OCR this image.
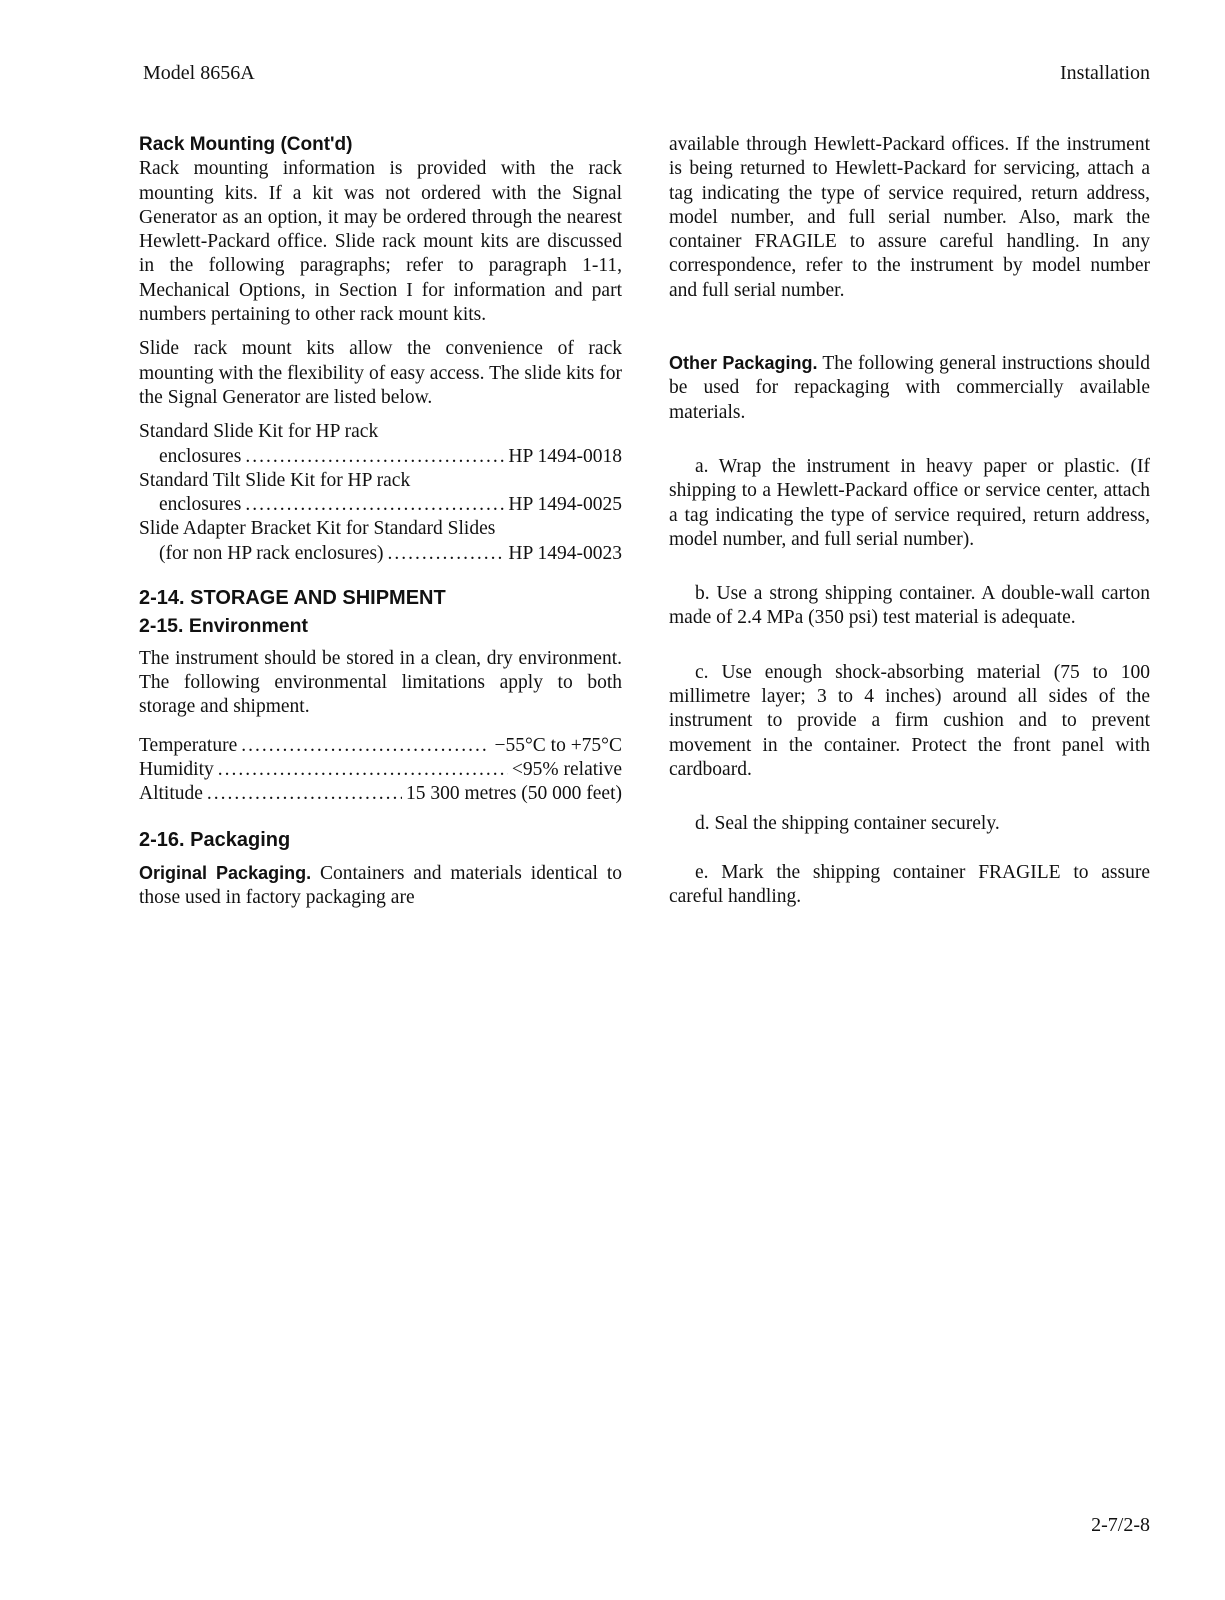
Model 8656A	Installation
Rack Mounting (Cont'd)

Rack mounting information is provided with the rack mounting kits. If a kit was not ordered with the Signal Generator as an option, it may be ordered through the nearest Hewlett-Packard office. Slide rack mount kits are discussed in the following paragraphs; refer to paragraph 1-11, Mechanical Options, in Section I for information and part numbers pertaining to other rack mount kits.

Slide rack mount kits allow the convenience of rack mounting with the flexibility of easy access. The slide kits for the Signal Generator are listed below.

Standard Slide Kit for HP rack
enclosures .....	HP 1494-0018
Standard Tilt Slide Kit for HP rack
enclosures .....	HP 1494-0025
Slide Adapter Bracket Kit for Standard Slides
(for non HP rack enclosures) .....	HP 1494-0023
2-14. STORAGE AND SHIPMENT
2-15. Environment

The instrument should be stored in a clean, dry environment. The following environmental limitations apply to both storage and shipment.

Temperature .....	−55°C to +75°C
Humidity .....	<95% relative
Altitude .....	15 300 metres (50 000 feet)
2-16. Packaging

Original Packaging. Containers and materials identical to those used in factory packaging are

available through Hewlett-Packard offices. If the instrument is being returned to Hewlett-Packard for servicing, attach a tag indicating the type of service required, return address, model number, and full serial number. Also, mark the container FRAGILE to assure careful handling. In any correspondence, refer to the instrument by model number and full serial number.

Other Packaging. The following general instructions should be used for repackaging with commercially available materials.

a. Wrap the instrument in heavy paper or plastic. (If shipping to a Hewlett-Packard office or service center, attach a tag indicating the type of service required, return address, model number, and full serial number).

b. Use a strong shipping container. A double-wall carton made of 2.4 MPa (350 psi) test material is adequate.

c. Use enough shock-absorbing material (75 to 100 millimetre layer; 3 to 4 inches) around all sides of the instrument to provide a firm cushion and to prevent movement in the container. Protect the front panel with cardboard.

d. Seal the shipping container securely.

e. Mark the shipping container FRAGILE to assure careful handling.

2-7/2-8
